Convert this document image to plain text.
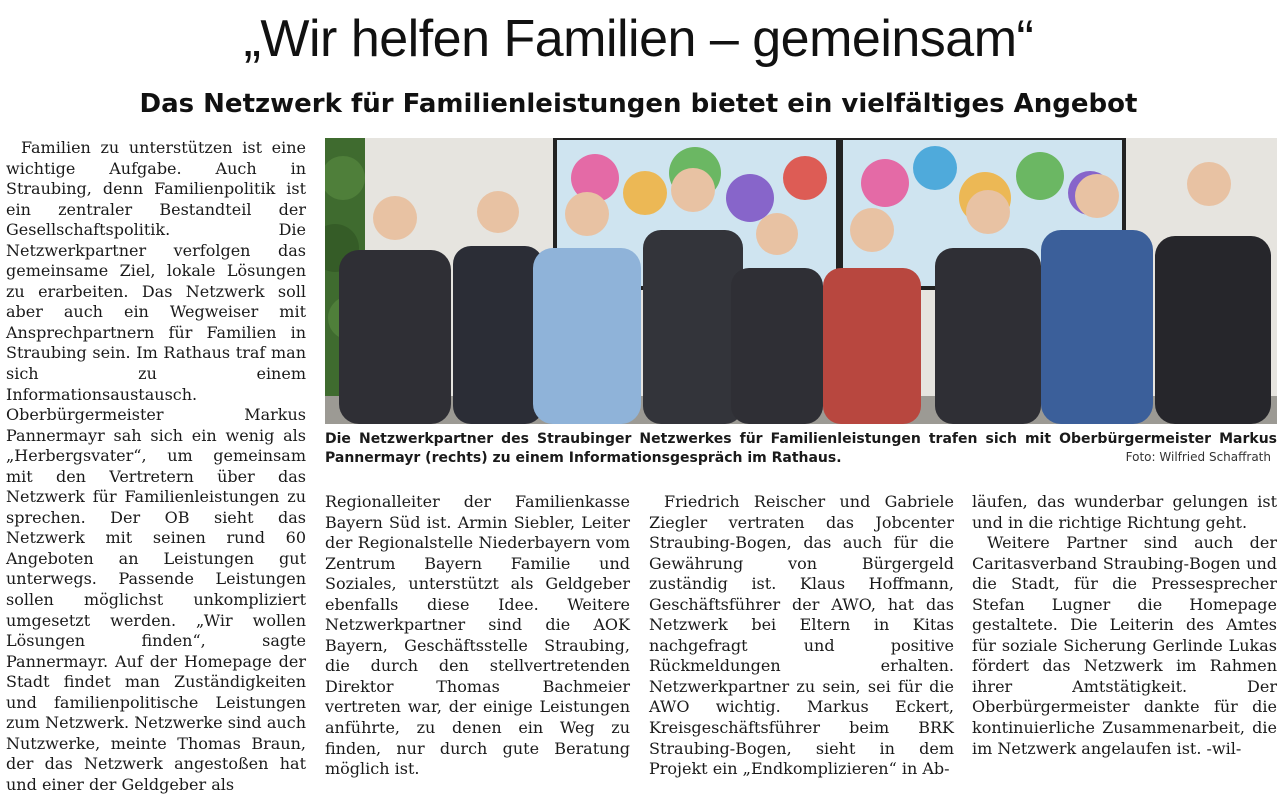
„Wir helfen Familien – gemeinsam“
Das Netzwerk für Familienleistungen bietet ein vielfältiges Angebot

Familien zu unterstützen ist eine wichtige Aufgabe. Auch in Straubing, denn Familienpolitik ist ein zentraler Bestandteil der Gesellschaftspolitik. Die Netzwerkpartner verfolgen das gemeinsame Ziel, lokale Lösungen zu erarbeiten. Das Netzwerk soll aber auch ein Wegweiser mit Ansprechpartnern für Familien in Straubing sein. Im Rathaus traf man sich zu einem Informationsaustausch.

Oberbürgermeister Markus Pannermayr sah sich ein wenig als „Herbergsvater“, um gemeinsam mit den Vertretern über das Netzwerk für Familienleistungen zu sprechen. Der OB sieht das Netzwerk mit seinen rund 60 Angeboten an Leistungen gut unterwegs. Passende Leistungen sollen möglichst unkompliziert umgesetzt werden. „Wir wollen Lösungen finden“, sagte Pannermayr. Auf der Homepage der Stadt findet man Zuständigkeiten und familienpolitische Leistungen zum Netzwerk. Netzwerke sind auch Nutzwerke, meinte Thomas Braun, der das Netzwerk angestoßen hat und einer der Geldgeber als

Die Netzwerkpartner des Straubinger Netzwerkes für Familienleistungen trafen sich mit Oberbürgermeister Markus Pannermayr (rechts) zu einem Informationsgespräch im Rathaus.	Foto: Wilfried Schaffrath

Regionalleiter der Familienkasse Bayern Süd ist. Armin Siebler, Leiter der Regionalstelle Niederbayern vom Zentrum Bayern Familie und Soziales, unterstützt als Geldgeber ebenfalls diese Idee. Weitere Netzwerkpartner sind die AOK Bayern, Geschäftsstelle Straubing, die durch den stellvertretenden Direktor Thomas Bachmeier vertreten war, der einige Leistungen anführte, zu denen ein Weg zu finden, nur durch gute Beratung möglich ist.

Friedrich Reischer und Gabriele Ziegler vertraten das Jobcenter Straubing-Bogen, das auch für die Gewährung von Bürgergeld zuständig ist. Klaus Hoffmann, Geschäftsführer der AWO, hat das Netzwerk bei Eltern in Kitas nachgefragt und positive Rückmeldungen erhalten. Netzwerkpartner zu sein, sei für die AWO wichtig. Markus Eckert, Kreisgeschäftsführer beim BRK Straubing-Bogen, sieht in dem Projekt ein „Endkomplizieren“ in Ab-

läufen, das wunderbar gelungen ist und in die richtige Richtung geht.

Weitere Partner sind auch der Caritasverband Straubing-Bogen und die Stadt, für die Pressesprecher Stefan Lugner die Homepage gestaltete. Die Leiterin des Amtes für soziale Sicherung Gerlinde Lukas fördert das Netzwerk im Rahmen ihrer Amtstätigkeit. Der Oberbürgermeister dankte für die kontinuierliche Zusammenarbeit, die im Netzwerk angelaufen ist. -wil-
